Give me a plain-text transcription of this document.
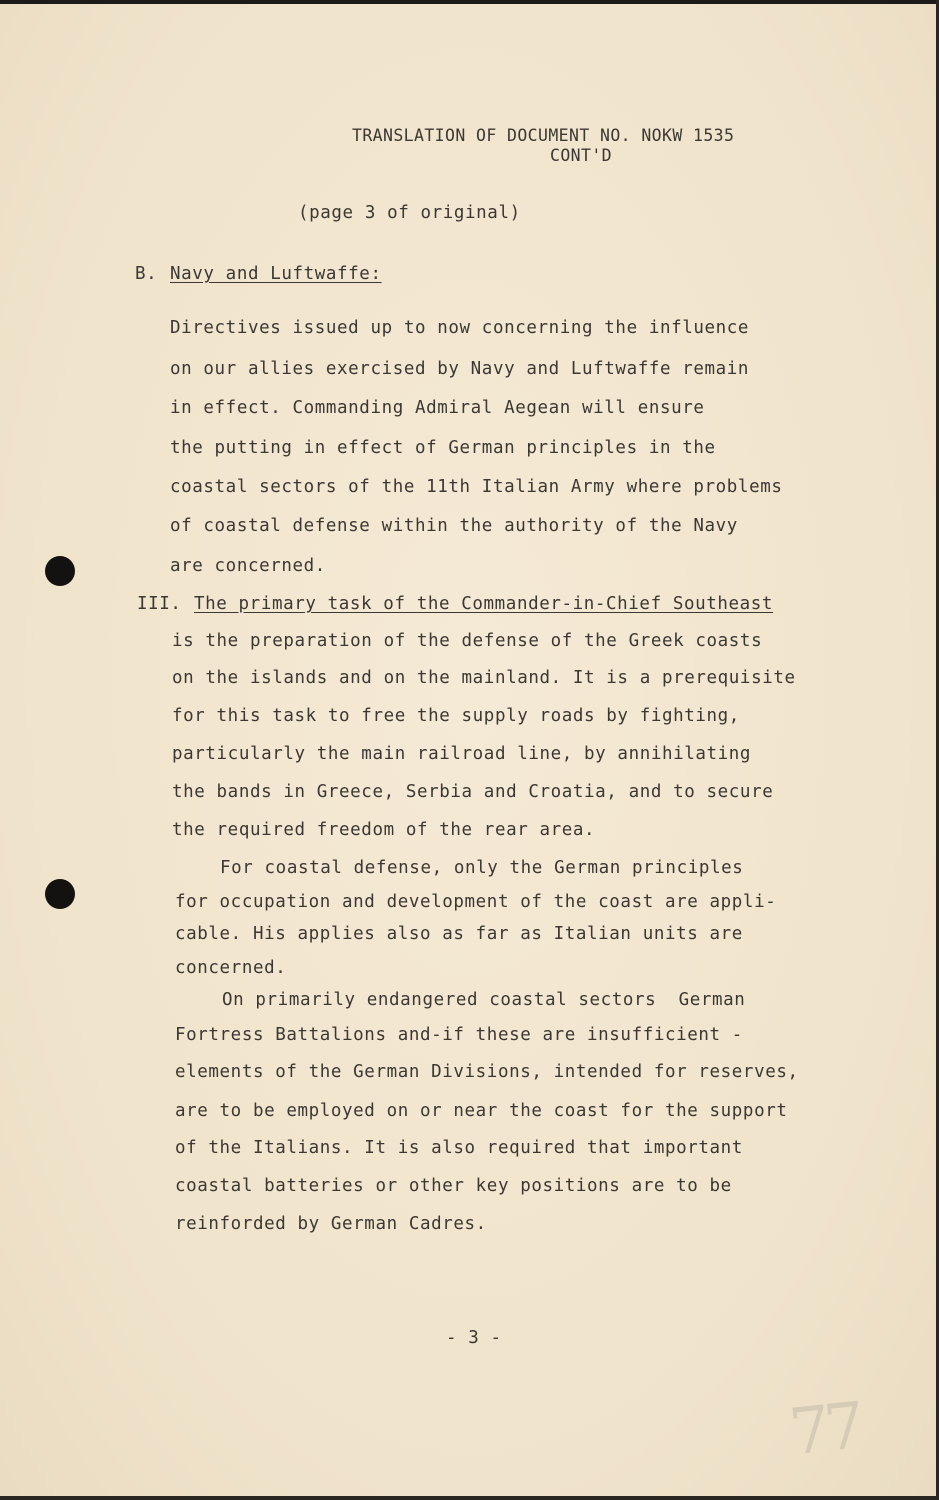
TRANSLATION OF DOCUMENT NO. NOKW 1535
CONT'D
(page 3 of original)
B. Navy and Luftwaffe:
Directives issued up to now concerning the influence
on our allies exercised by Navy and Luftwaffe remain
in effect. Commanding Admiral Aegean will ensure
the putting in effect of German principles in the
coastal sectors of the 11th Italian Army where problems
of coastal defense within the authority of the Navy
are concerned.
III. The primary task of the Commander-in-Chief Southeast
is the preparation of the defense of the Greek coasts
on the islands and on the mainland. It is a prerequisite
for this task to free the supply roads by fighting,
particularly the main railroad line, by annihilating
the bands in Greece, Serbia and Croatia, and to secure
the required freedom of the rear area.
For coastal defense, only the German principles
for occupation and development of the coast are appli-
cable. His applies also as far as Italian units are
concerned.
On primarily endangered coastal sectors  German
Fortress Battalions and-if these are insufficient -
elements of the German Divisions, intended for reserves,
are to be employed on or near the coast for the support
of the Italians. It is also required that important
coastal batteries or other key positions are to be
reinforded by German Cadres.
- 3 -
77
